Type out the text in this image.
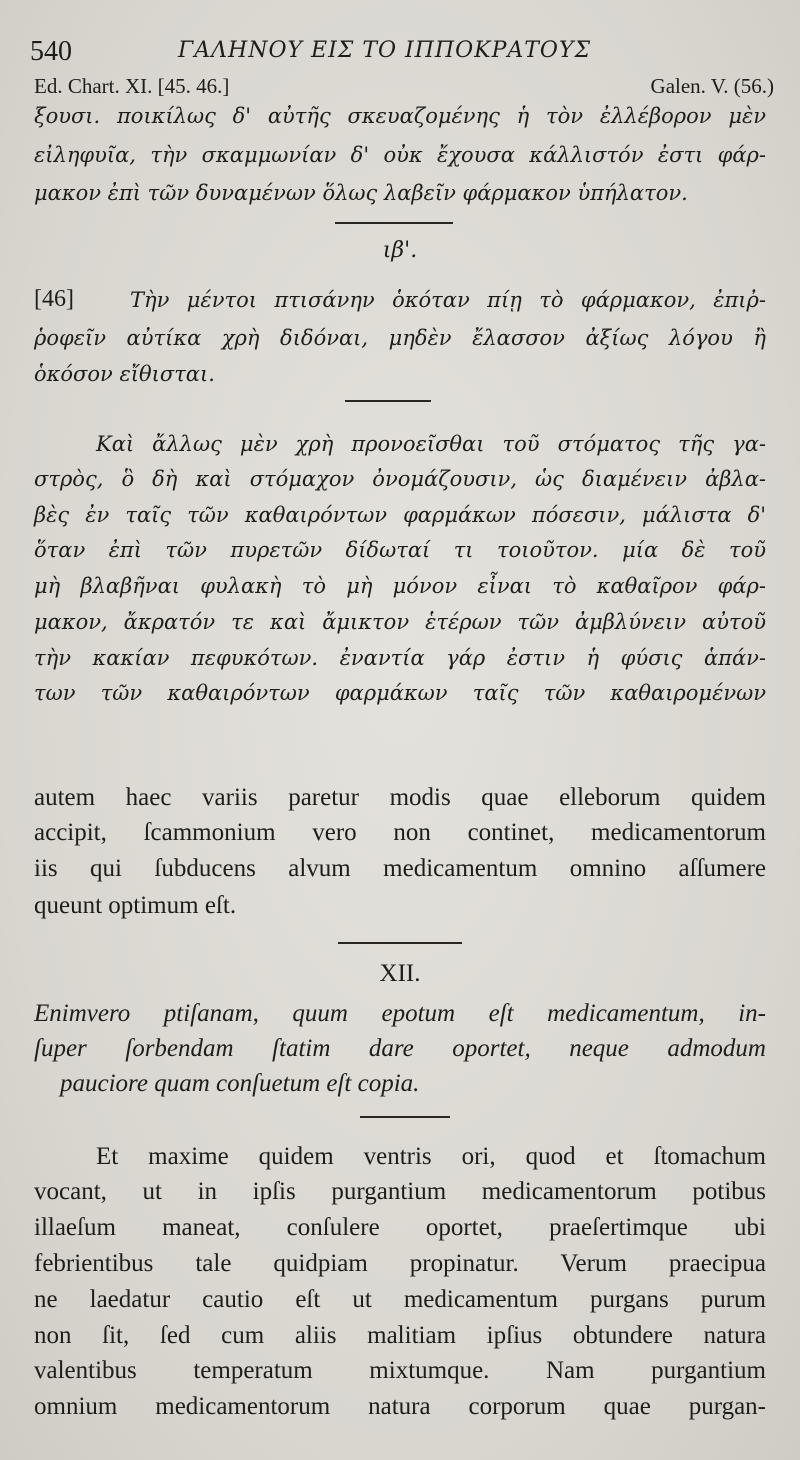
540	ΓΑΛΗΝΟΥ ΕΙΣ ΤΟ ΙΠΠΟΚΡΑΤΟΥΣ
Ed. Chart. XI. [45. 46.]	Galen. V. (56.)
ξουσι. ποικίλως δ' αὐτῆς σκευαζομένης ἡ τὸν ἐλλέβορον μὲν
εἰληφυῖα, τὴν σκαμμωνίαν δ' οὐκ ἔχουσα κάλλιστόν ἐστι φάρ-
μακον ἐπὶ τῶν δυναμένων ὅλως λαβεῖν φάρμακον ὑπήλατον.
ιβ'.
[46]	Τὴν μέντοι πτισάνην ὁκόταν πίῃ τὸ φάρμακον, ἐπιῤ-
ῥοφεῖν αὐτίκα χρὴ διδόναι, μηδὲν ἔλασσον ἀξίως λόγου ἢ
ὁκόσον εἴθισται.
Καὶ ἄλλως μὲν χρὴ προνοεῖσθαι τοῦ στόματος τῆς γα-
στρὸς, ὃ δὴ καὶ στόμαχον ὀνομάζουσιν, ὡς διαμένειν ἀβλα-
βὲς ἐν ταῖς τῶν καθαιρόντων φαρμάκων πόσεσιν, μάλιστα δ'
ὅταν ἐπὶ τῶν πυρετῶν δίδωταί τι τοιοῦτον. μία δὲ τοῦ
μὴ βλαβῆναι φυλακὴ τὸ μὴ μόνον εἶναι τὸ καθαῖρον φάρ-
μακον, ἄκρατόν τε καὶ ἄμικτον ἑτέρων τῶν ἀμβλύνειν αὐτοῦ
τὴν κακίαν πεφυκότων. ἐναντία γάρ ἐστιν ἡ φύσις ἁπάν-
των τῶν καθαιρόντων φαρμάκων ταῖς τῶν καθαιρομένων
autem haec variis paretur modis quae elleborum quidem
accipit, ſcammonium vero non continet, medicamentorum
iis qui ſubducens alvum medicamentum omnino aſſumere
queunt optimum eſt.
XII.
Enimvero ptiſanam, quum epotum eſt medicamentum, in-
ſuper ſorbendam ſtatim dare oportet, neque admodum
pauciore quam conſuetum eſt copia.
Et maxime quidem ventris ori, quod et ſtomachum
vocant, ut in ipſis purgantium medicamentorum potibus
illaeſum maneat, conſulere oportet, praeſertimque ubi
febrientibus tale quidpiam propinatur. Verum praecipua
ne laedatur cautio eſt ut medicamentum purgans purum
non ſit, ſed cum aliis malitiam ipſius obtundere natura
valentibus temperatum mixtumque. Nam purgantium
omnium medicamentorum natura corporum quae purgan-
